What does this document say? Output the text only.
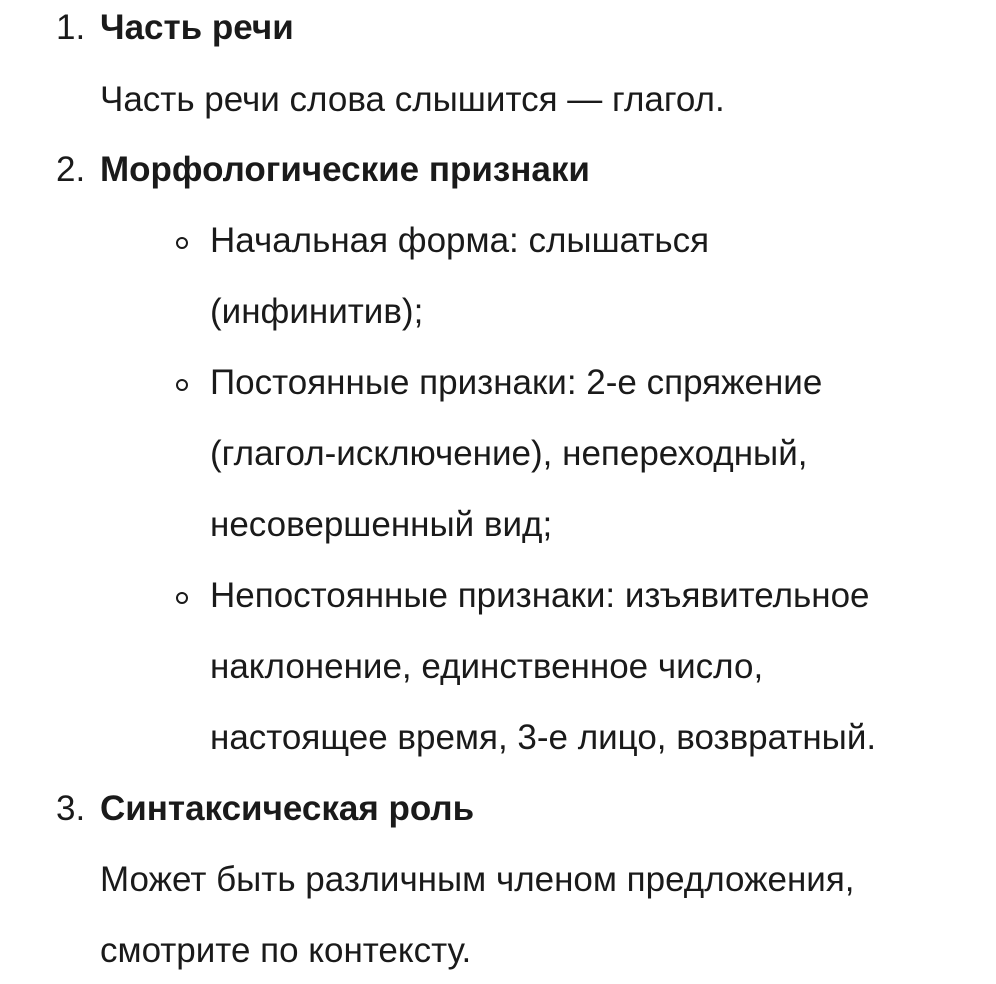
1. Часть речи
Часть речи слова слышится — глагол.
2. Морфологические признаки
Начальная форма: слышаться
(инфинитив);
Постоянные признаки: 2-е спряжение
(глагол-исключение), непереходный,
несовершенный вид;
Непостоянные признаки: изъявительное
наклонение, единственное число,
настоящее время, 3-е лицо, возвратный.
3. Синтаксическая роль
Может быть различным членом предложения,
смотрите по контексту.
